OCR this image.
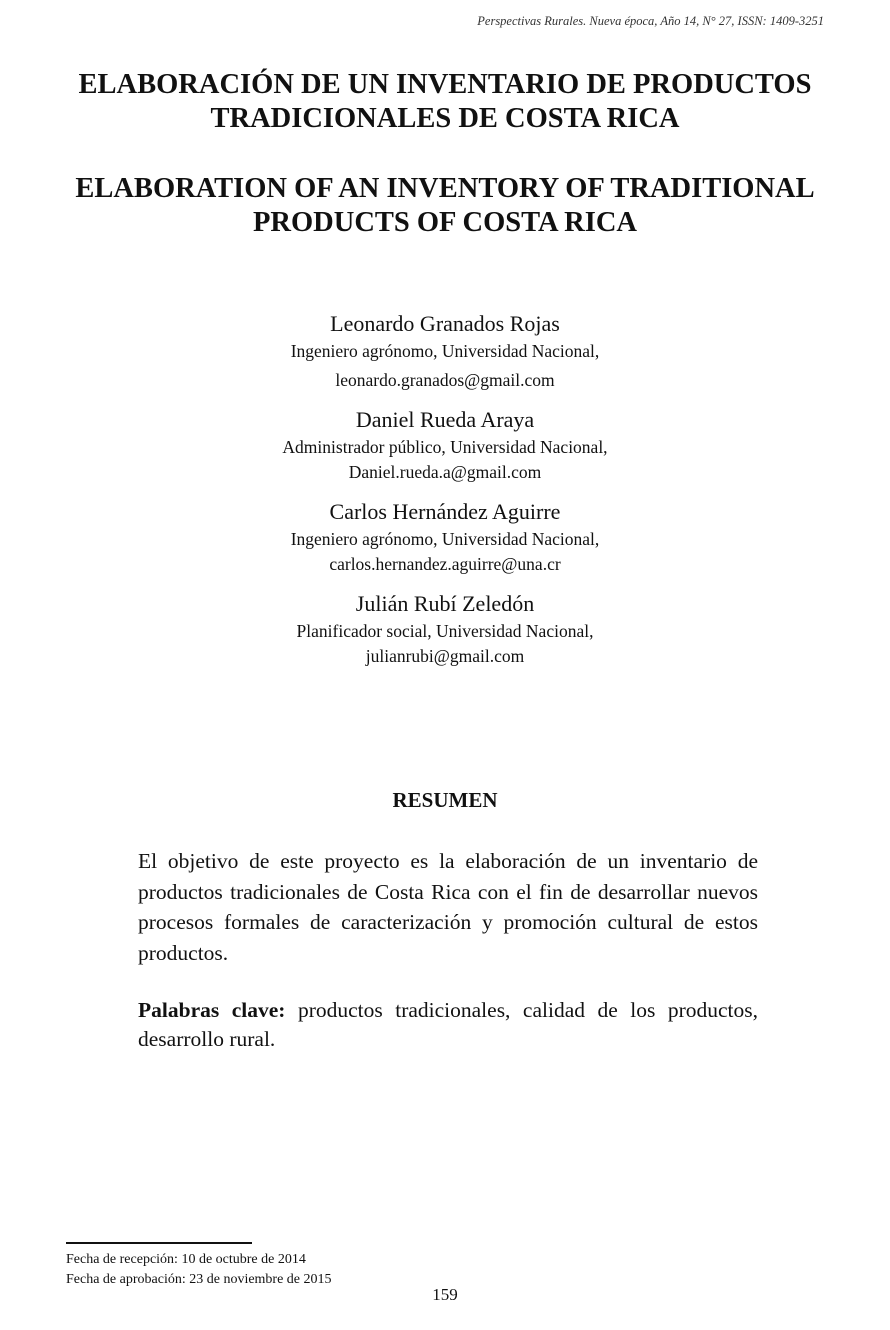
Perspectivas Rurales. Nueva época, Año 14, N° 27, ISSN: 1409-3251
ELABORACIÓN DE UN INVENTARIO DE PRODUCTOS
TRADICIONALES DE COSTA RICA
ELABORATION OF AN INVENTORY OF TRADITIONAL
PRODUCTS OF COSTA RICA
Leonardo Granados Rojas
Ingeniero agrónomo, Universidad Nacional,
leonardo.granados@gmail.com
Daniel Rueda Araya
Administrador público, Universidad Nacional,
Daniel.rueda.a@gmail.com
Carlos Hernández Aguirre
Ingeniero agrónomo, Universidad Nacional,
carlos.hernandez.aguirre@una.cr
Julián Rubí Zeledón
Planificador social, Universidad Nacional,
julianrubi@gmail.com
RESUMEN

El objetivo de este proyecto es la elaboración de un inventario de productos tradicionales de Costa Rica con el fin de desarrollar nuevos procesos formales de caracterización y promoción cultural de estos productos.

Palabras clave: productos tradicionales, calidad de los productos, desarrollo rural.

Fecha de recepción: 10 de octubre de 2014
Fecha de aprobación: 23 de noviembre de 2015
159
